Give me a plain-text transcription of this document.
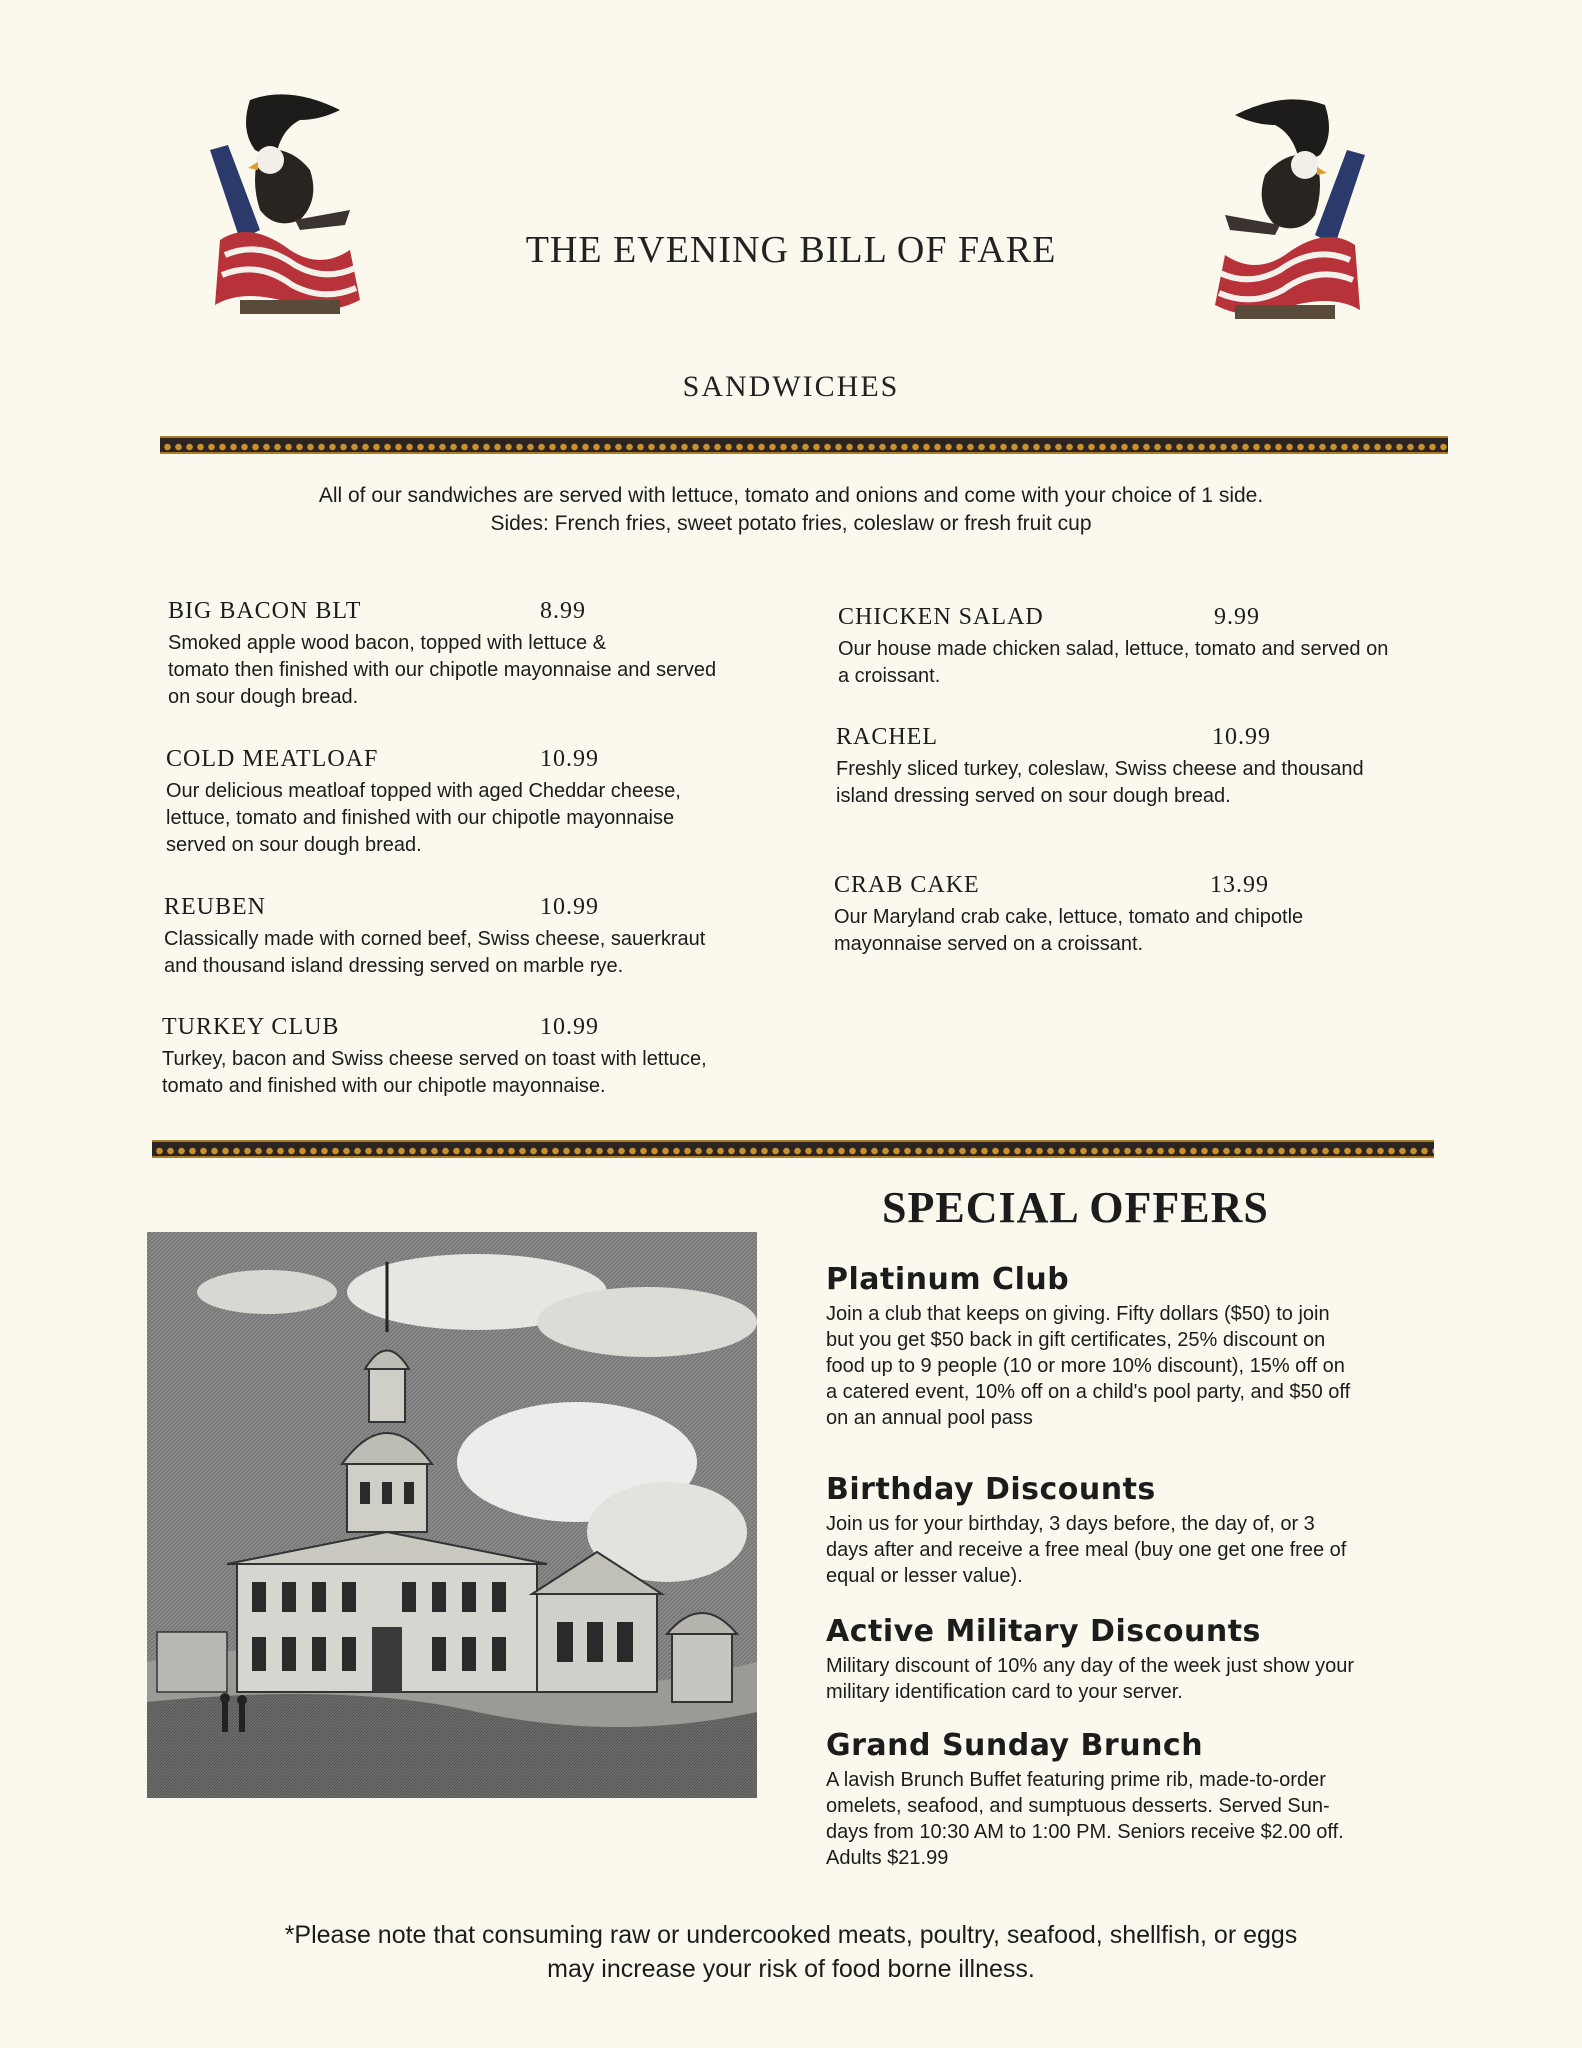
THE EVENING BILL OF FARE
SANDWICHES
All of our sandwiches are served with lettuce, tomato and onions and come with your choice of 1 side.
Sides: French fries, sweet potato fries, coleslaw or fresh fruit cup
BIG BACON BLT	8.99
Smoked apple wood bacon, topped with lettuce &
tomato then finished with our chipotle mayonnaise and served
on sour dough bread.
COLD MEATLOAF	10.99
Our delicious meatloaf topped with aged Cheddar cheese,
lettuce, tomato and finished with our chipotle mayonnaise
served on sour dough bread.
REUBEN	10.99
Classically made with corned beef, Swiss cheese, sauerkraut
and thousand island dressing served on marble rye.
TURKEY CLUB	10.99
Turkey, bacon and Swiss cheese served on toast with lettuce,
tomato and finished with our chipotle mayonnaise.
CHICKEN SALAD	9.99
Our house made chicken salad, lettuce, tomato and served on
a croissant.
RACHEL	10.99
Freshly sliced turkey, coleslaw, Swiss cheese and thousand
island dressing served on sour dough bread.
CRAB CAKE	13.99
Our Maryland crab cake, lettuce, tomato and chipotle
mayonnaise served on a croissant.
SPECIAL OFFERS
Platinum Club
Join a club that keeps on giving. Fifty dollars ($50) to join
but you get $50 back in gift certificates, 25% discount on
food up to 9 people (10 or more 10% discount), 15% off on
a catered event, 10% off on a child's pool party, and $50 off
on an annual pool pass
Birthday Discounts
Join us for your birthday, 3 days before, the day of, or 3
days after and receive a free meal (buy one get one free of
equal or lesser value).
Active Military Discounts
Military discount of 10% any day of the week just show your
military identification card to your server.
Grand Sunday Brunch
A lavish Brunch Buffet featuring prime rib, made-to-order
omelets, seafood, and sumptuous desserts. Served Sun-
days from 10:30 AM to 1:00 PM. Seniors receive $2.00 off.
Adults $21.99
*Please note that consuming raw or undercooked meats, poultry, seafood, shellfish, or eggs
may increase your risk of food borne illness.
